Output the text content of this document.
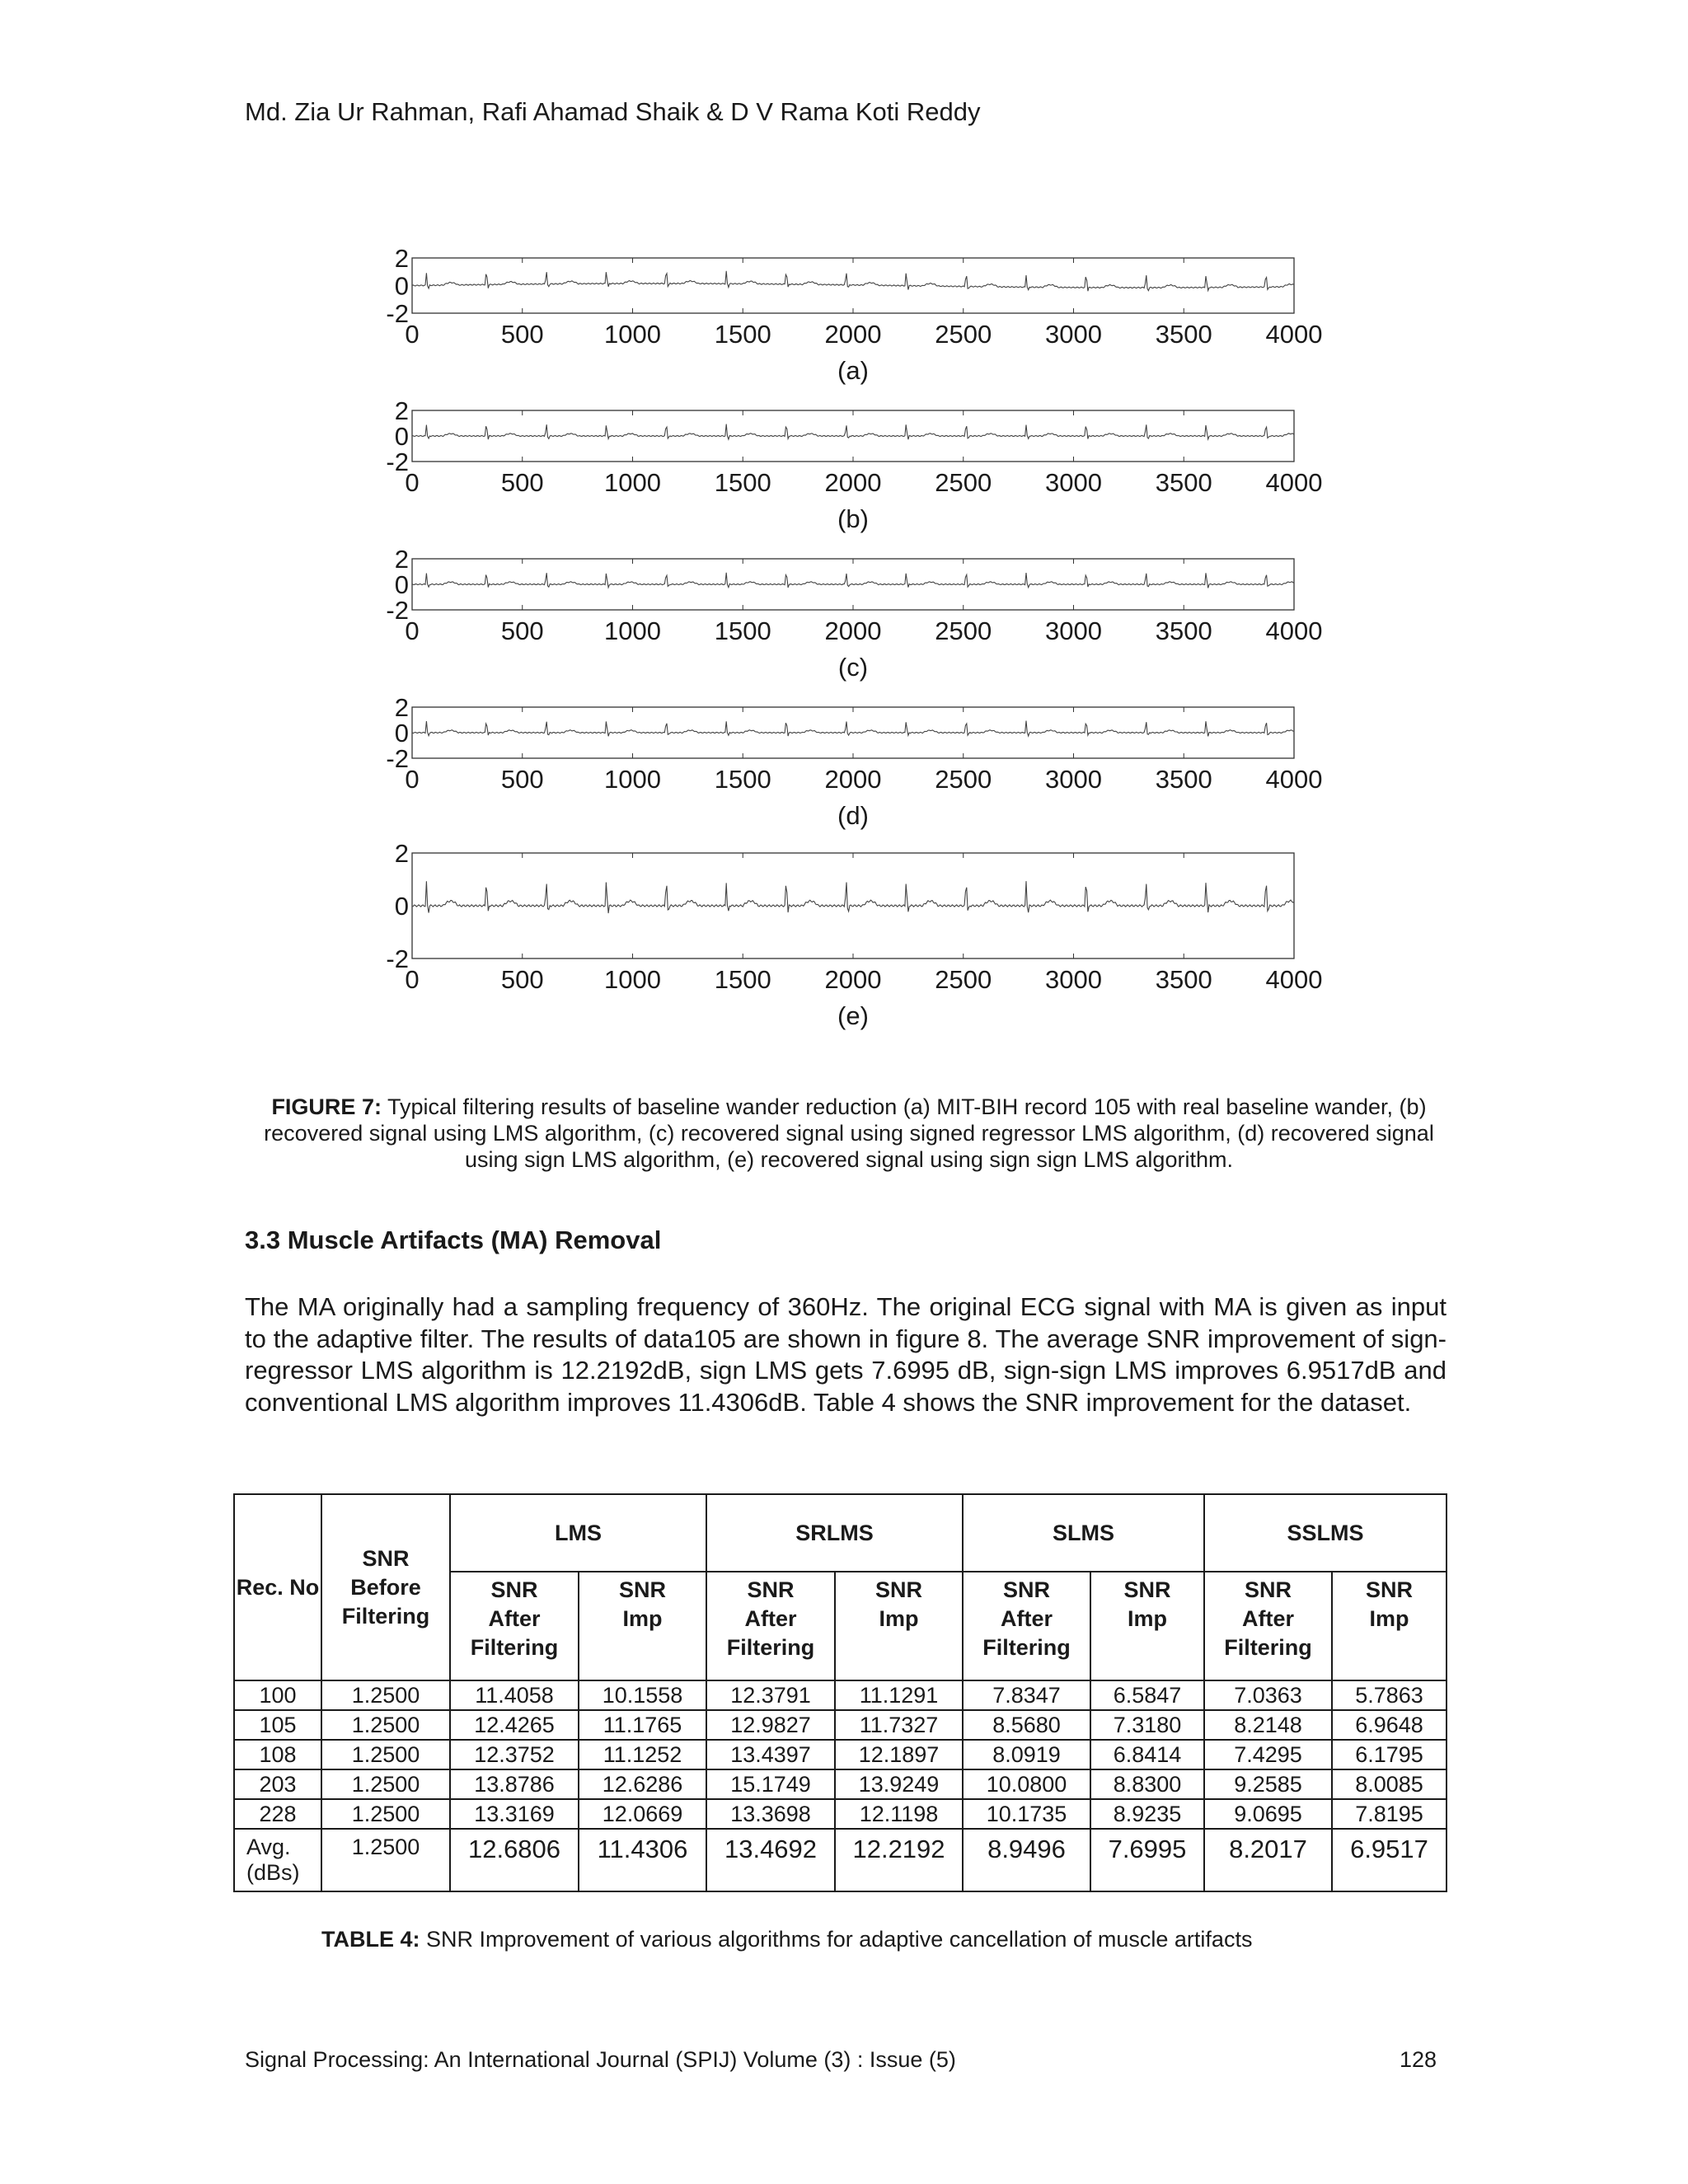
Md. Zia Ur Rahman, Rafi Ahamad Shaik & D V Rama Koti Reddy
0	500 1000 1500 2000 2500 3000 3500 4000
2
0
-2
(a)
0	500 1000 1500 2000 2500 3000 3500 4000
2
0
-2
(b)
0	500 1000 1500 2000 2500 3000 3500 4000
2
0
-2
(c)
0	500 1000 1500 2000 2500 3000 3500 4000
2
0
-2
(d)
0	500 1000 1500 2000 2500 3000 3500 4000
2
0
-2
(e)
FIGURE 7: Typical filtering results of baseline wander reduction (a) MIT-BIH record 105 with real baseline wander, (b) recovered signal using LMS algorithm, (c) recovered signal using signed regressor LMS algorithm, (d) recovered signal using sign LMS algorithm, (e) recovered signal using sign sign LMS algorithm.
3.3 Muscle Artifacts (MA) Removal
The MA originally had a sampling frequency of 360Hz. The original ECG signal with MA is given as input to the adaptive filter. The results of data105 are shown in figure 8. The average SNR improvement of sign-regressor LMS algorithm is 12.2192dB, sign LMS gets 7.6995 dB, sign-sign LMS improves 6.9517dB and conventional LMS algorithm improves 11.4306dB. Table 4 shows the SNR improvement for the dataset.
Rec. No	SNR Before Filtering	LMS		SRLMS		SLMS		SSLMS	
		SNR After Filtering	SNR Imp	SNR After Filtering	SNR Imp	SNR After Filtering	SNR Imp	SNR After Filtering	SNR Imp
100	1.2500	11.4058	10.1558	12.3791	11.1291	7.8347	6.5847	7.0363	5.7863
105	1.2500	12.4265	11.1765	12.9827	11.7327	8.5680	7.3180	8.2148	6.9648
108	1.2500	12.3752	11.1252	13.4397	12.1897	8.0919	6.8414	7.4295	6.1795
203	1.2500	13.8786	12.6286	15.1749	13.9249	10.0800	8.8300	9.2585	8.0085
228	1.2500	13.3169	12.0669	13.3698	12.1198	10.1735	8.9235	9.0695	7.8195
Avg. (dBs)	1.2500	12.6806	11.4306	13.4692	12.2192	8.9496	7.6995	8.2017	6.9517
TABLE 4: SNR Improvement of various algorithms for adaptive cancellation of muscle artifacts
Signal Processing: An International Journal (SPIJ) Volume (3) : Issue (5)	128
